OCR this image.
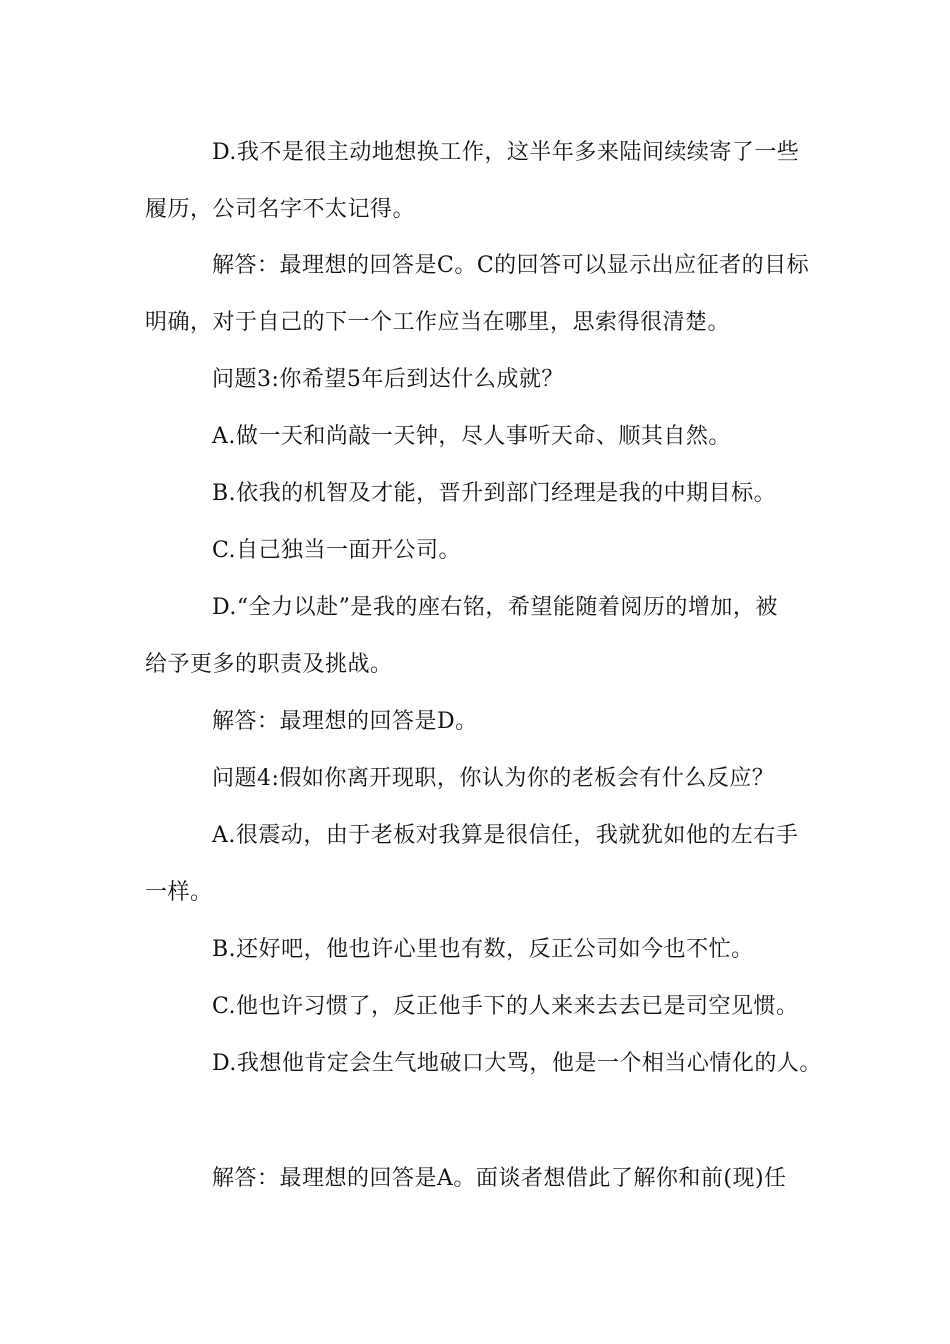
D.我不是很主动地想换工作，这半年多来陆间续续寄了一些
履历，公司名字不太记得。
解答：最理想的回答是C。C的回答可以显示出应征者的目标
明确，对于自己的下一个工作应当在哪里，思索得很清楚。
问题3:你希望5年后到达什么成就？
A.做一天和尚敲一天钟，尽人事听天命、顺其自然。
B.依我的机智及才能，晋升到部门经理是我的中期目标。
C.自己独当一面开公司。
D.“全力以赴”是我的座右铭，希望能随着阅历的增加，被
给予更多的职责及挑战。
解答：最理想的回答是D。
问题4:假如你离开现职，你认为你的老板会有什么反应？
A.很震动，由于老板对我算是很信任，我就犹如他的左右手
一样。
B.还好吧，他也许心里也有数，反正公司如今也不忙。
C.他也许习惯了，反正他手下的人来来去去已是司空见惯。
D.我想他肯定会生气地破口大骂，他是一个相当心情化的人。
解答：最理想的回答是A。面谈者想借此了解你和前(现)任
